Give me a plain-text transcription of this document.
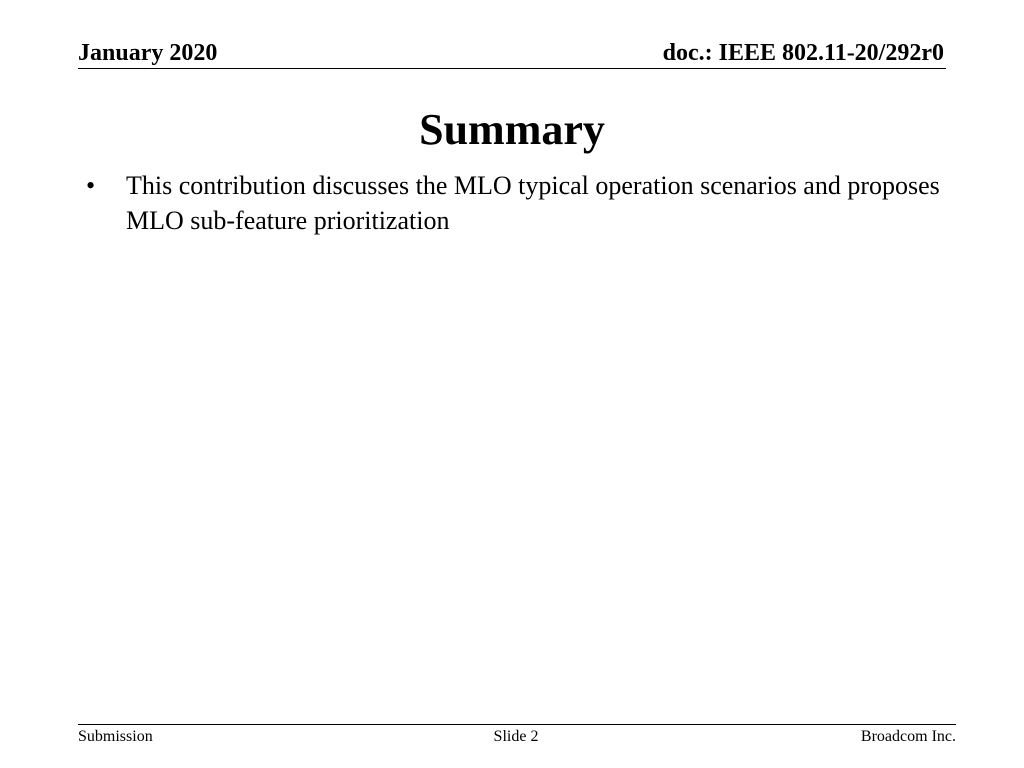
January 2020	doc.: IEEE 802.11-20/292r0
Summary
•	This contribution discusses the MLO typical operation scenarios and proposes MLO sub-feature prioritization
Submission	Slide 2	Broadcom Inc.
